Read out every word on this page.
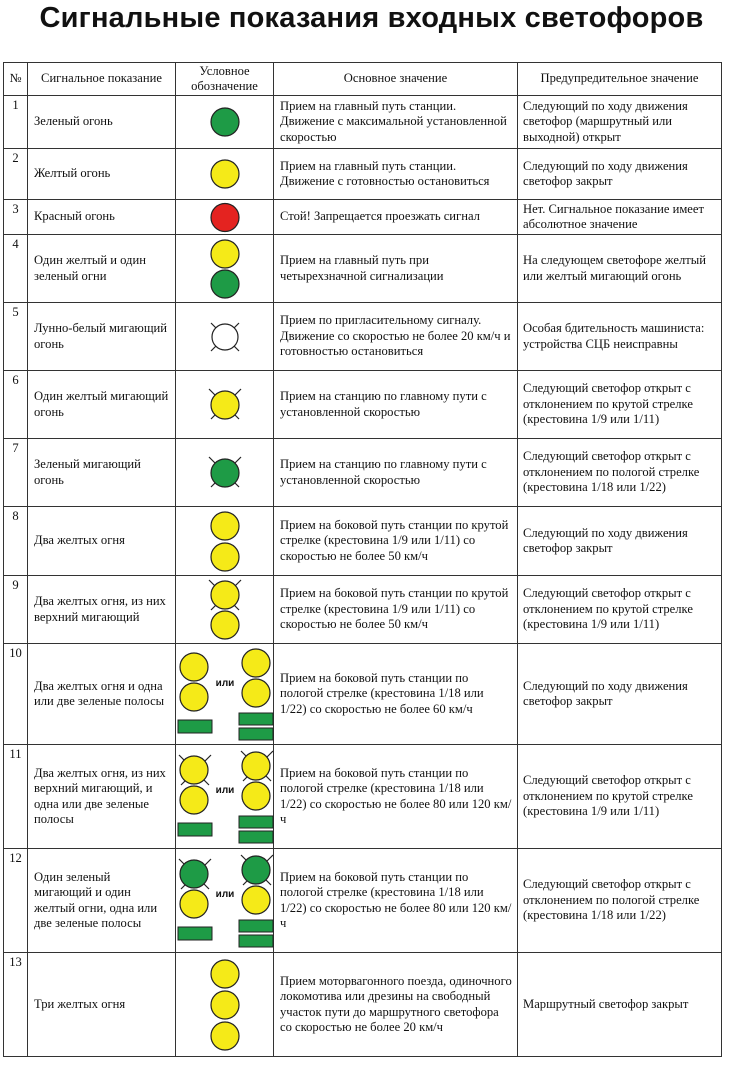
Сигнальные показания входных светофоров
№	Сигнальное показание	Условное обозначение	Основное значение	Предупредительное значение
1	Зеленый огонь		Прием на главный путь станции. Движение с максимальной установленной скоростью	Следующий по ходу движения светофор (маршрутный или выходной) открыт
2	Желтый огонь		Прием на главный путь станции. Движение с готовностью остановиться	Следующий по ходу движения светофор закрыт
3	Красный огонь		Стой! Запрещается проезжать сигнал	Нет. Сигнальное показание имеет абсолютное значение
4	Один желтый и один зеленый огни		Прием на главный путь при четырехзначной сигнализации	На следующем светофоре желтый или желтый мигающий огонь
5	Лунно-белый мигающий огонь		Прием по пригласительному сигналу. Движение со скоростью не более 20 км/ч и готовностью остановиться	Особая бдительность машиниста: устройства СЦБ неисправны
6	Один желтый мигающий огонь		Прием на станцию по главному пути с установленной скоростью	Следующий светофор открыт с отклонением по крутой стрелке (крестовина 1/9 или 1/11)
7	Зеленый мигающий огонь		Прием на станцию по главному пути с установленной скоростью	Следующий светофор открыт с отклонением по пологой стрелке (крестовина 1/18 или 1/22)
8	Два желтых огня		Прием на боковой путь станции по крутой стрелке (крестовина 1/9 или 1/11) со скоростью не более 50 км/ч	Следующий по ходу движения светофор закрыт
9	Два желтых огня, из них верхний мигающий		Прием на боковой путь станции по крутой стрелке (крестовина 1/9 или 1/11) со скоростью не более 50 км/ч	Следующий светофор открыт с отклонением по крутой стрелке (крестовина 1/9 или 1/11)
10	Два желтых огня и одна или две зеленые полосы	или	Прием на боковой путь станции по пологой стрелке (крестовина 1/18 или 1/22) со скоростью не более 60 км/ч	Следующий по ходу движения светофор закрыт
11	Два желтых огня, из них верхний мигающий, и одна или две зеленые полосы	или	Прием на боковой путь станции по пологой стрелке (крестовина 1/18 или 1/22) со скоростью не более 80 или 120 км/ч	Следующий светофор открыт с отклонением по крутой стрелке (крестовина 1/9 или 1/11)
12	Один зеленый мигающий и один желтый огни, одна или две зеленые полосы	или	Прием на боковой путь станции по пологой стрелке (крестовина 1/18 или 1/22) со скоростью не более 80 или 120 км/ч	Следующий светофор открыт с отклонением по пологой стрелке (крестовина 1/18 или 1/22)
13	Три желтых огня		Прием моторвагонного поезда, одиночного локомотива или дрезины на свободный участок пути до маршрутного светофора со скоростью не более 20 км/ч	Маршрутный светофор закрыт
